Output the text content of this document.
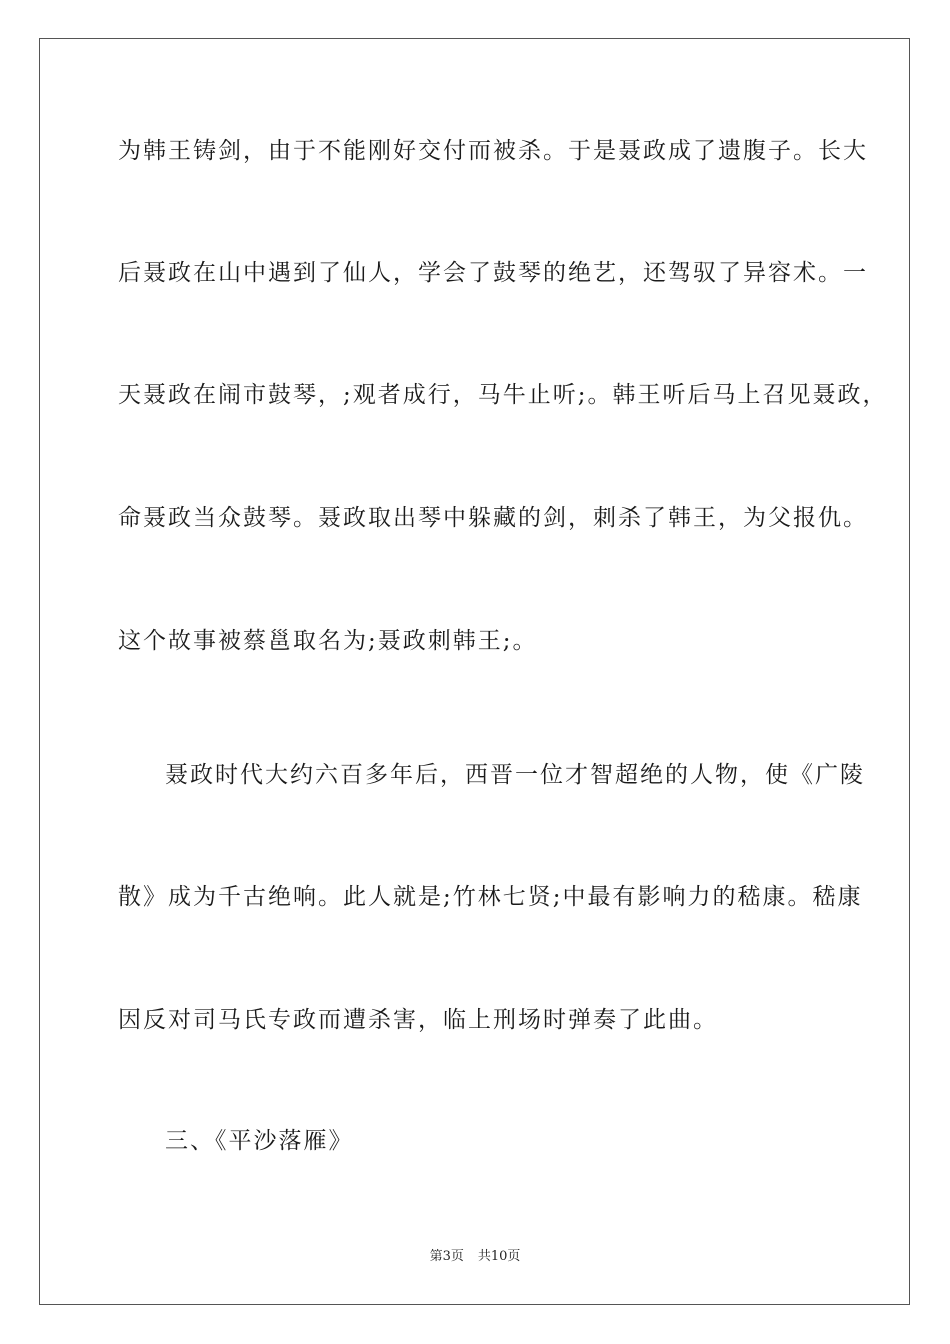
为韩王铸剑，由于不能刚好交付而被杀。于是聂政成了遗腹子。长大
后聂政在山中遇到了仙人，学会了鼓琴的绝艺，还驾驭了异容术。一
天聂政在闹市鼓琴，;观者成行，马牛止听;。韩王听后马上召见聂政，
命聂政当众鼓琴。聂政取出琴中躲藏的剑，刺杀了韩王，为父报仇。
这个故事被蔡邕取名为;聂政刺韩王;。
聂政时代大约六百多年后，西晋一位才智超绝的人物，使《广陵
散》成为千古绝响。此人就是;竹林七贤;中最有影响力的嵇康。嵇康
因反对司马氏专政而遭杀害，临上刑场时弹奏了此曲。
三、《平沙落雁》
第3页 共10页
